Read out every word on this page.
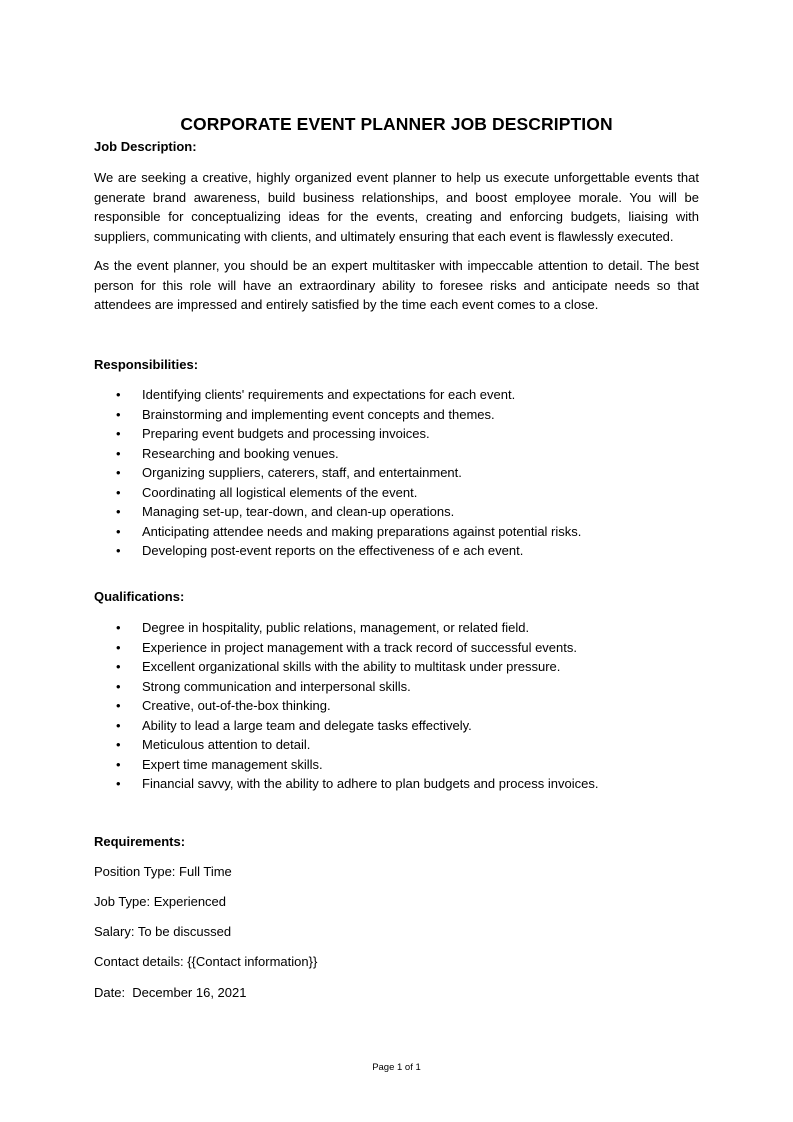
CORPORATE EVENT PLANNER JOB DESCRIPTION
Job Description:

We are seeking a creative, highly organized event planner to help us execute unforgettable events that generate brand awareness, build business relationships, and boost employee morale. You will be responsible for conceptualizing ideas for the events, creating and enforcing budgets, liaising with suppliers, communicating with clients, and ultimately ensuring that each event is flawlessly executed.

As the event planner, you should be an expert multitasker with impeccable attention to detail. The best person for this role will have an extraordinary ability to foresee risks and anticipate needs so that attendees are impressed and entirely satisfied by the time each event comes to a close.

Responsibilities:
• Identifying clients' requirements and expectations for each event.
• Brainstorming and implementing event concepts and themes.
• Preparing event budgets and processing invoices.
• Researching and booking venues.
• Organizing suppliers, caterers, staff, and entertainment.
• Coordinating all logistical elements of the event.
• Managing set-up, tear-down, and clean-up operations.
• Anticipating attendee needs and making preparations against potential risks.
• Developing post-event reports on the effectiveness of e ach event.
Qualifications:
• Degree in hospitality, public relations, management, or related field.
• Experience in project management with a track record of successful events.
• Excellent organizational skills with the ability to multitask under pressure.
• Strong communication and interpersonal skills.
• Creative, out-of-the-box thinking.
• Ability to lead a large team and delegate tasks effectively.
• Meticulous attention to detail.
• Expert time management skills.
• Financial savvy, with the ability to adhere to plan budgets and process invoices.
Requirements:
Position Type: Full Time
Job Type: Experienced
Salary: To be discussed
Contact details: {{Contact information}}
Date:  December 16, 2021
Page 1 of 1
